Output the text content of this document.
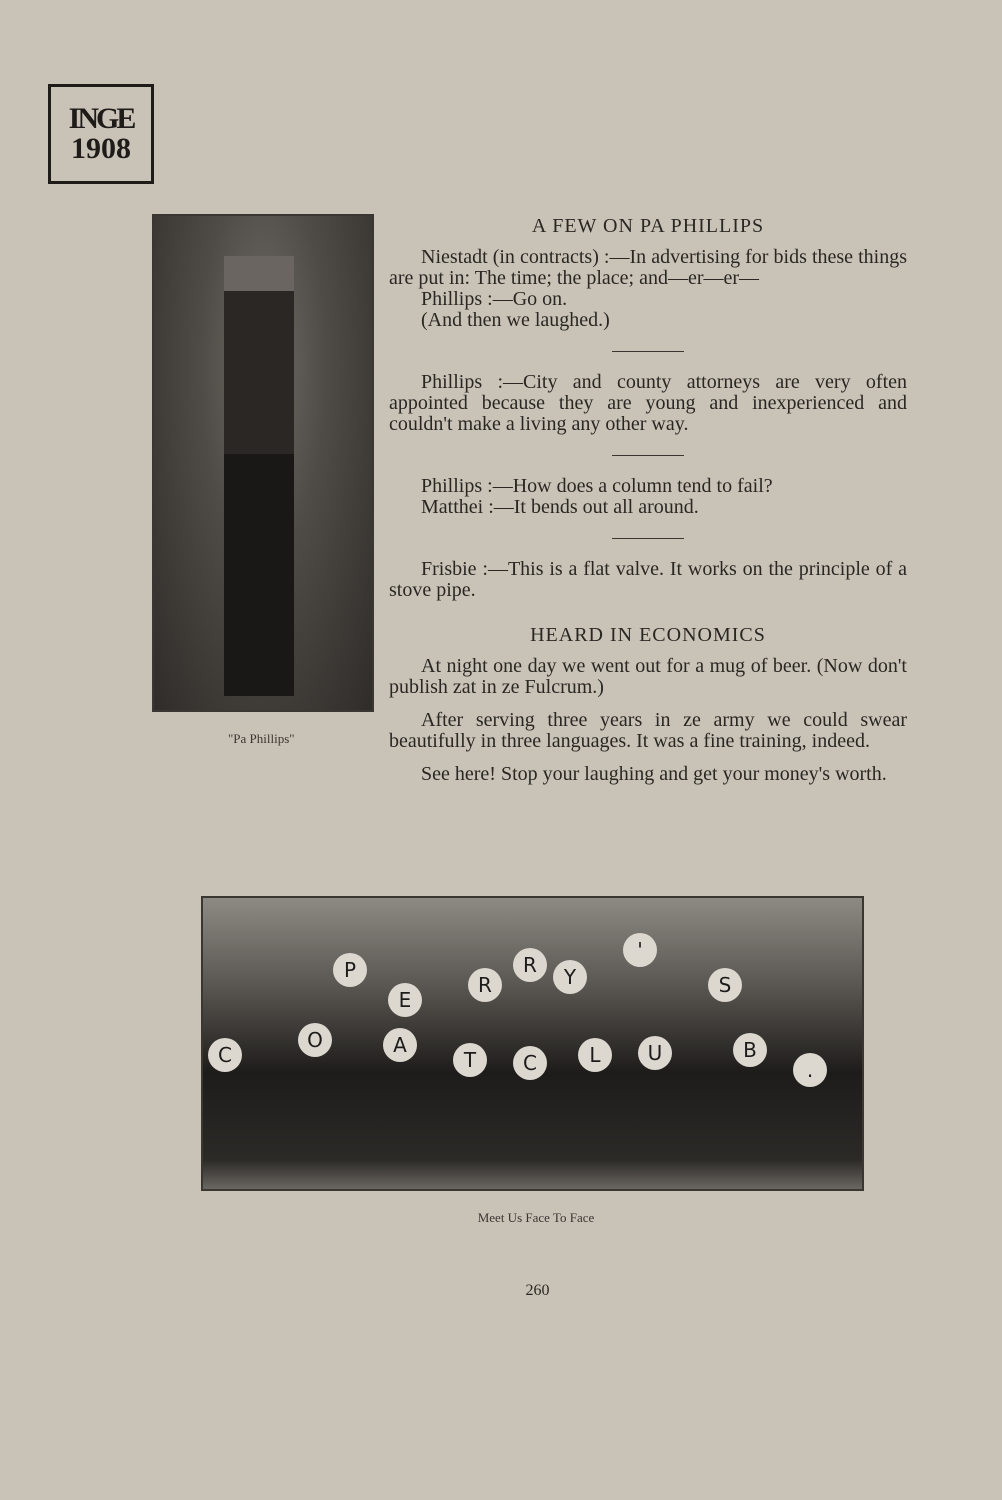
INGE
1908
"Pa Phillips"
A FEW ON PA PHILLIPS

Niestadt (in contracts) :—In advertising for bids these things are put in: The time; the place; and—er—er—

Phillips :—Go on.

(And then we laughed.)

Phillips :—City and county attorneys are very often appointed because they are young and inexperienced and couldn't make a living any other way.

Phillips :—How does a column tend to fail?

Matthei :—It bends out all around.

Frisbie :—This is a flat valve. It works on the principle of a stove pipe.

HEARD IN ECONOMICS

At night one day we went out for a mug of beer. (Now don't publish zat in ze Fulcrum.)

After serving three years in ze army we could swear beautifully in three languages. It was a fine training, indeed.

See here! Stop your laughing and get your money's worth.

P
E
R
R	Y
'
S
C
O	A
T	C	L	U	B
.
Meet Us Face To Face
260
